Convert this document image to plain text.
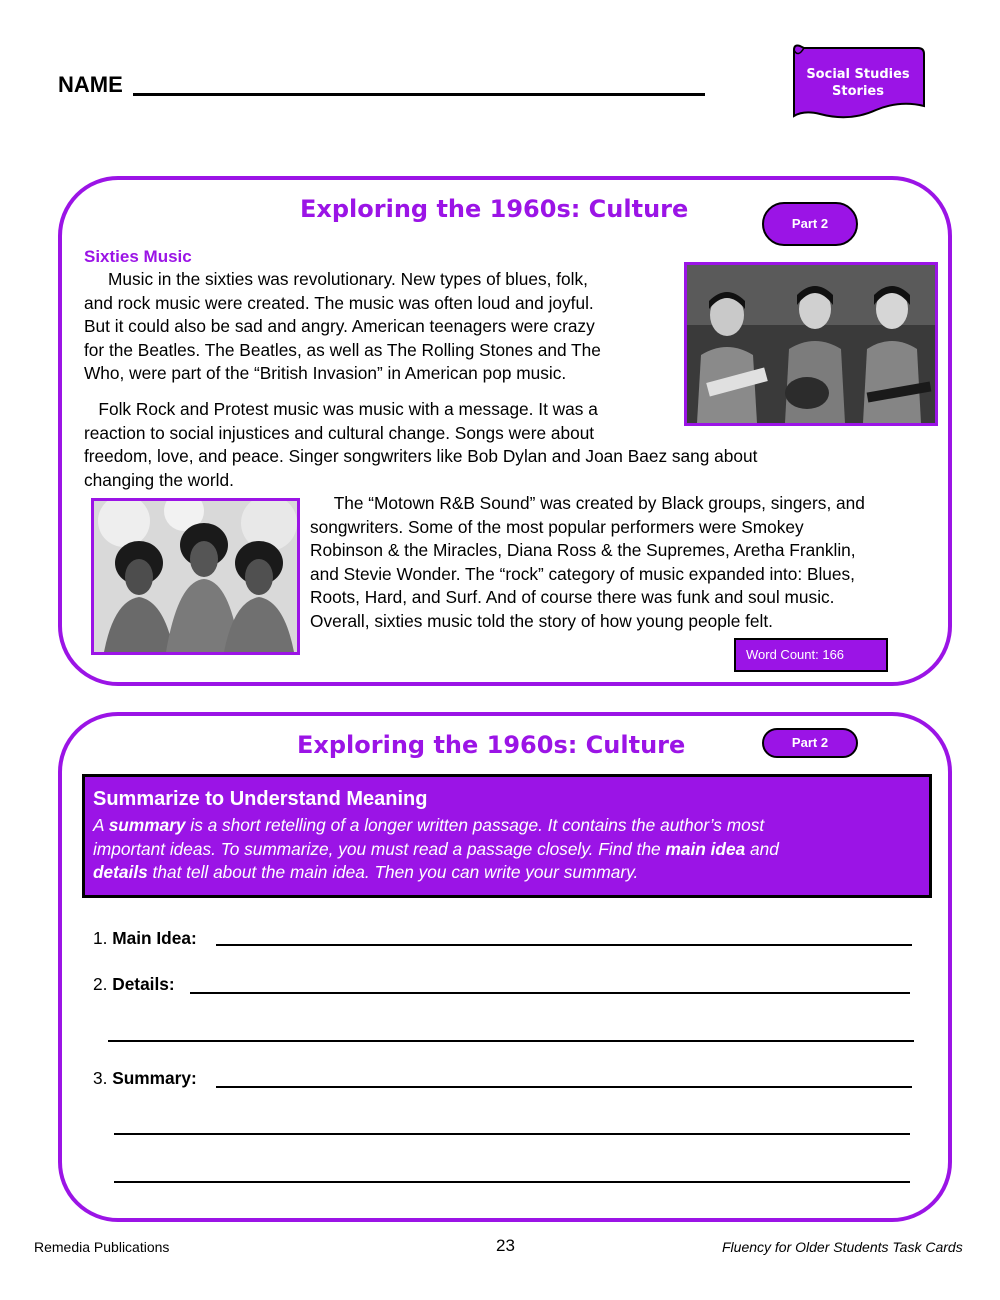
NAME	Social Studies
Stories
Exploring the 1960s: Culture
Part 2
Sixties Music
Music in the sixties was revolutionary. New types of blues, folk,
and rock music were created. The music was often loud and joyful.
But it could also be sad and angry. American teenagers were crazy
for the Beatles. The Beatles, as well as The Rolling Stones and The
Who, were part of the “British Invasion” in American pop music.
Folk Rock and Protest music was music with a message. It was a
reaction to social injustices and cultural change. Songs were about
freedom, love, and peace. Singer songwriters like Bob Dylan and Joan Baez sang about
changing the world.
The “Motown R&B Sound” was created by Black groups, singers, and
songwriters. Some of the most popular performers were Smokey
Robinson & the Miracles, Diana Ross & the Supremes, Aretha Franklin,
and Stevie Wonder. The “rock” category of music expanded into: Blues,
Roots, Hard, and Surf. And of course there was funk and soul music.
Overall, sixties music told the story of how young people felt.
Word Count: 166
Exploring the 1960s: Culture	Part 2
Summarize to Understand Meaning
A summary is a short retelling of a longer written passage. It contains the author’s most
important ideas. To summarize, you must read a passage closely. Find the main idea and
details that tell about the main idea. Then you can write your summary.
1. Main Idea:
2. Details:
3. Summary:
Remedia Publications	23	Fluency for Older Students Task Cards
